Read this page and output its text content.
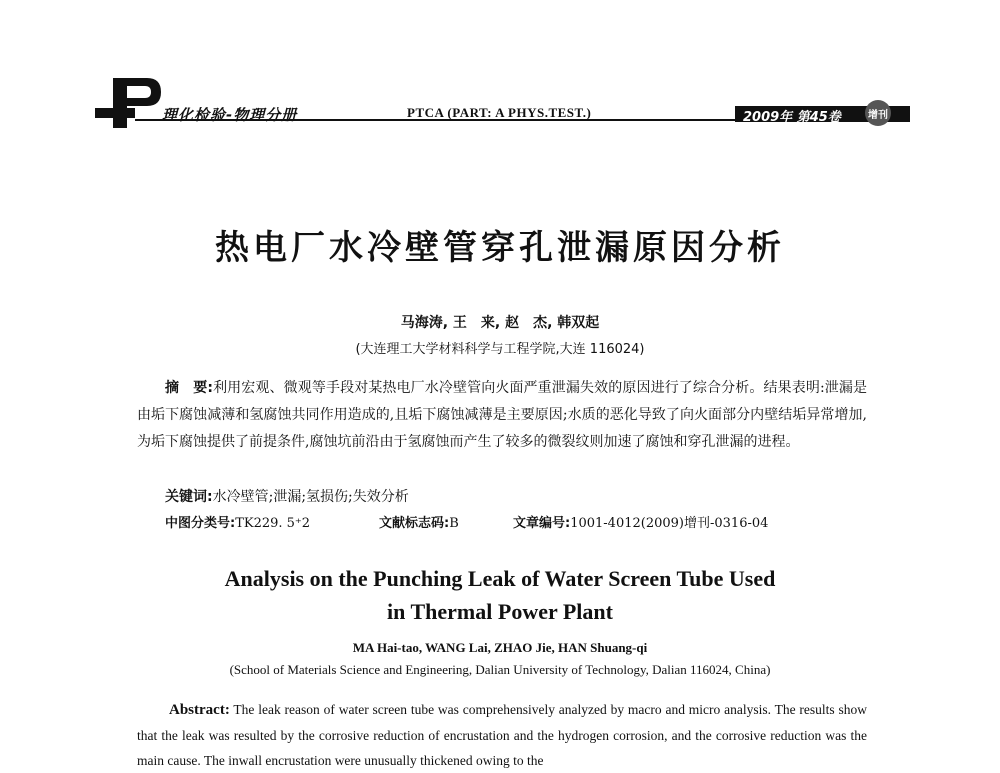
理化检验-物理分册	PTCA (PART: A PHYS.TEST.)	2009年 第45卷	增刊
热电厂水冷壁管穿孔泄漏原因分析
马海涛, 王　来, 赵　杰, 韩双起
(大连理工大学材料科学与工程学院,大连 116024)
摘　要:利用宏观、微观等手段对某热电厂水冷壁管向火面严重泄漏失效的原因进行了综合分析。结果表明:泄漏是由垢下腐蚀减薄和氢腐蚀共同作用造成的,且垢下腐蚀减薄是主要原因;水质的恶化导致了向火面部分内壁结垢异常增加,为垢下腐蚀提供了前提条件,腐蚀坑前沿由于氢腐蚀而产生了较多的微裂纹则加速了腐蚀和穿孔泄漏的进程。
关键词:水冷壁管;泄漏;氢损伤;失效分析
中图分类号:TK229. 5⁺2	文献标志码:B	文章编号:1001-4012(2009)增刊-0316-04
Analysis on the Punching Leak of Water Screen Tube Used
in Thermal Power Plant
MA Hai-tao, WANG Lai, ZHAO Jie, HAN Shuang-qi
(School of Materials Science and Engineering, Dalian University of Technology, Dalian 116024, China)
Abstract: The leak reason of water screen tube was comprehensively analyzed by macro and micro analysis. The results show that the leak was resulted by the corrosive reduction of encrustation and the hydrogen corrosion, and the corrosive reduction was the main cause. The inwall encrustation were unusually thickened owing to the
